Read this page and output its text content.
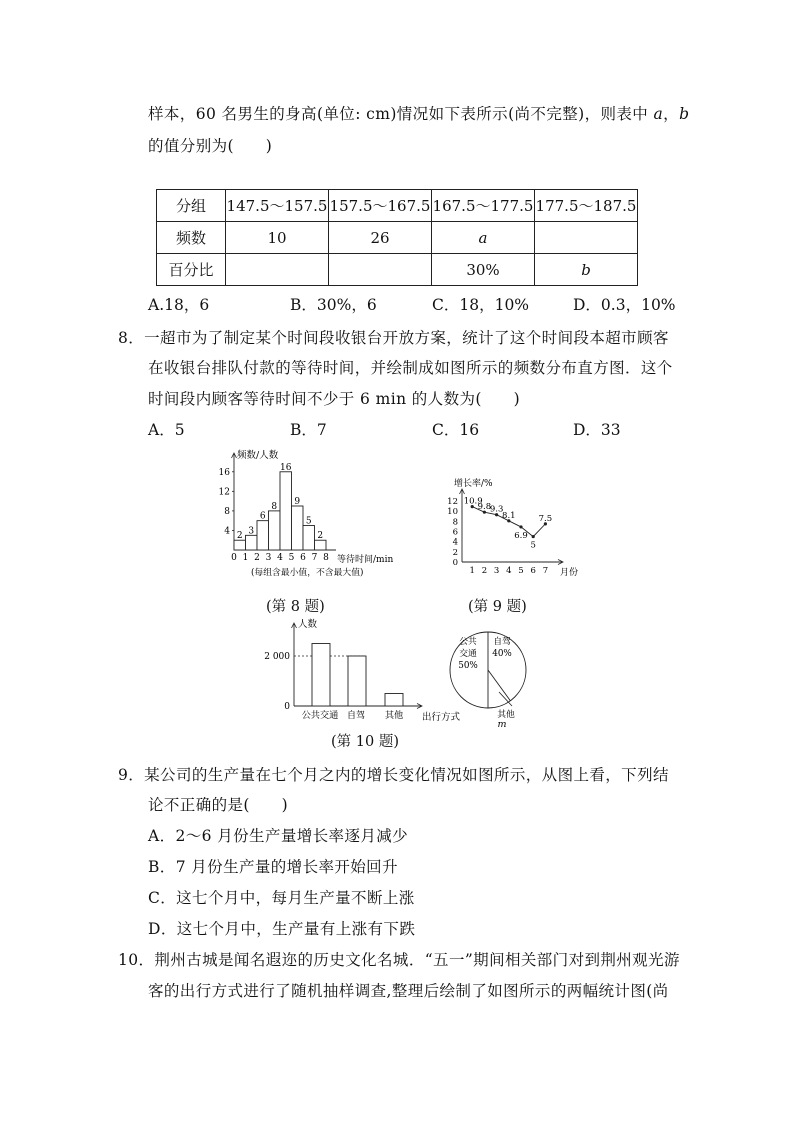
样本，60 名男生的身高(单位: cm)情况如下表所示(尚不完整)，则表中 a，b
的值分别为(　　)
分组	147.5～157.5	157.5～167.5	167.5～177.5	177.5～187.5
频数	10	26	a	
百分比			30%	b
A.18，6	B．30%，6	C．18，10%	D．0.3，10%
8．一超市为了制定某个时间段收银台开放方案，统计了这个时间段本超市顾客
在收银台排队付款的等待时间，并绘制成如图所示的频数分布直方图．这个
时间段内顾客等待时间不少于 6 min 的人数为(　　)
A．5	B．7	C．16	D．33
4
8
12
16
0 1 2 3 4 5 6 7 8
2 3
6
8
16
9
5
2
频数/人数
等待时间/min
(每组含最小值，不含最大值)
(第 8 题)
0
2
4
6
8
10
12
1 2 3 4 5 6 7
10.9
9.8
9.3
8.1
6.9
5
7.5
增长率/%
月份
(第 9 题)
0
2 000
公共交通 自驾 其他
人数
出行方式
公共
交通
50%
自驾
40%
其他
m
(第 10 题)
9．某公司的生产量在七个月之内的增长变化情况如图所示，从图上看，下列结
论不正确的是(　　)
A．2～6 月份生产量增长率逐月减少
B．7 月份生产量的增长率开始回升
C．这七个月中，每月生产量不断上涨
D．这七个月中，生产量有上涨有下跌
10．荆州古城是闻名遐迩的历史文化名城．“五一”期间相关部门对到荆州观光游
客的出行方式进行了随机抽样调查,整理后绘制了如图所示的两幅统计图(尚
